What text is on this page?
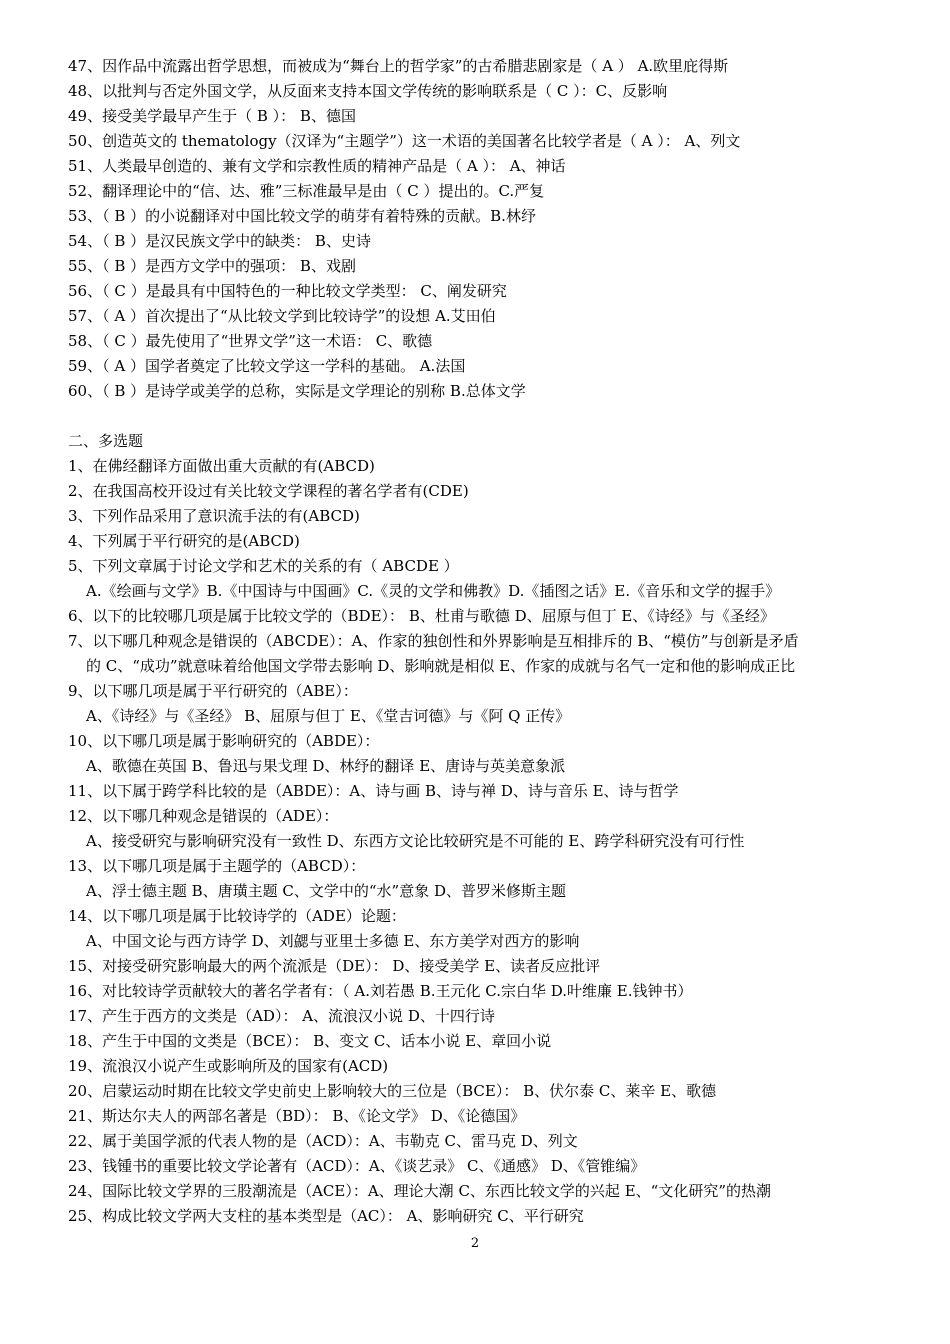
47、因作品中流露出哲学思想，而被成为“舞台上的哲学家”的古希腊悲剧家是（ A ） A.欧里庇得斯
48、以批判与否定外国文学，从反面来支持本国文学传统的影响联系是（ C ）：C、反影响
49、接受美学最早产生于（ B ）： B、德国
50、创造英文的 thematology（汉译为“主题学”）这一术语的美国著名比较学者是（ A ）： A、列文
51、人类最早创造的、兼有文学和宗教性质的精神产品是（ A ）： A、神话
52、翻译理论中的“信、达、雅”三标准最早是由（ C ）提出的。C.严复
53、（ B ）的小说翻译对中国比较文学的萌芽有着特殊的贡献。B.林纾
54、（ B ）是汉民族文学中的缺类： B、史诗
55、（ B ）是西方文学中的强项： B、戏剧
56、（ C ）是最具有中国特色的一种比较文学类型： C、阐发研究
57、（ A ）首次提出了“从比较文学到比较诗学”的设想 A.艾田伯
58、（ C ）最先使用了“世界文学”这一术语： C、歌德
59、（ A ）国学者奠定了比较文学这一学科的基础。 A.法国
60、（ B ）是诗学或美学的总称，实际是文学理论的别称 B.总体文学
二、多选题
1、在佛经翻译方面做出重大贡献的有(ABCD)
2、在我国高校开设过有关比较文学课程的著名学者有(CDE)
3、下列作品采用了意识流手法的有(ABCD)
4、下列属于平行研究的是(ABCD)
5、下列文章属于讨论文学和艺术的关系的有（ ABCDE ）
A.《绘画与文学》B.《中国诗与中国画》C.《灵的文学和佛教》D.《插图之话》E.《音乐和文学的握手》
6、以下的比较哪几项是属于比较文学的（BDE）： B、杜甫与歌德 D、屈原与但丁 E、《诗经》与《圣经》
7、以下哪几种观念是错误的（ABCDE）：A、作家的独创性和外界影响是互相排斥的 B、“模仿”与创新是矛盾
的 C、“成功”就意味着给他国文学带去影响 D、影响就是相似 E、作家的成就与名气一定和他的影响成正比
9、以下哪几项是属于平行研究的（ABE）：
A、《诗经》与《圣经》 B、屈原与但丁 E、《堂吉诃德》与《阿 Q 正传》
10、以下哪几项是属于影响研究的（ABDE）：
A、歌德在英国 B、鲁迅与果戈理 D、林纾的翻译 E、唐诗与英美意象派
11、以下属于跨学科比较的是（ABDE）：A、诗与画 B、诗与禅 D、诗与音乐 E、诗与哲学
12、以下哪几种观念是错误的（ADE）：
A、接受研究与影响研究没有一致性 D、东西方文论比较研究是不可能的 E、跨学科研究没有可行性
13、以下哪几项是属于主题学的（ABCD）：
A、浮士德主题 B、唐璜主题 C、文学中的“水”意象 D、普罗米修斯主题
14、以下哪几项是属于比较诗学的（ADE）论题：
A、中国文论与西方诗学 D、刘勰与亚里士多德 E、东方美学对西方的影响
15、对接受研究影响最大的两个流派是（DE）： D、接受美学 E、读者反应批评
16、对比较诗学贡献较大的著名学者有：（ A.刘若愚 B.王元化 C.宗白华 D.叶维廉 E.钱钟书）
17、产生于西方的文类是（AD）： A、流浪汉小说 D、十四行诗
18、产生于中国的文类是（BCE）： B、变文 C、话本小说 E、章回小说
19、流浪汉小说产生或影响所及的国家有(ACD)
20、启蒙运动时期在比较文学史前史上影响较大的三位是（BCE）： B、伏尔泰 C、莱辛 E、歌德
21、斯达尔夫人的两部名著是（BD）： B、《论文学》 D、《论德国》
22、属于美国学派的代表人物的是（ACD）：A、韦勒克 C、雷马克 D、列文
23、钱锺书的重要比较文学论著有（ACD）：A、《谈艺录》 C、《通感》 D、《管锥编》
24、国际比较文学界的三股潮流是（ACE）：A、理论大潮 C、东西比较文学的兴起 E、“文化研究”的热潮
25、构成比较文学两大支柱的基本类型是（AC）： A、影响研究 C、平行研究
2
